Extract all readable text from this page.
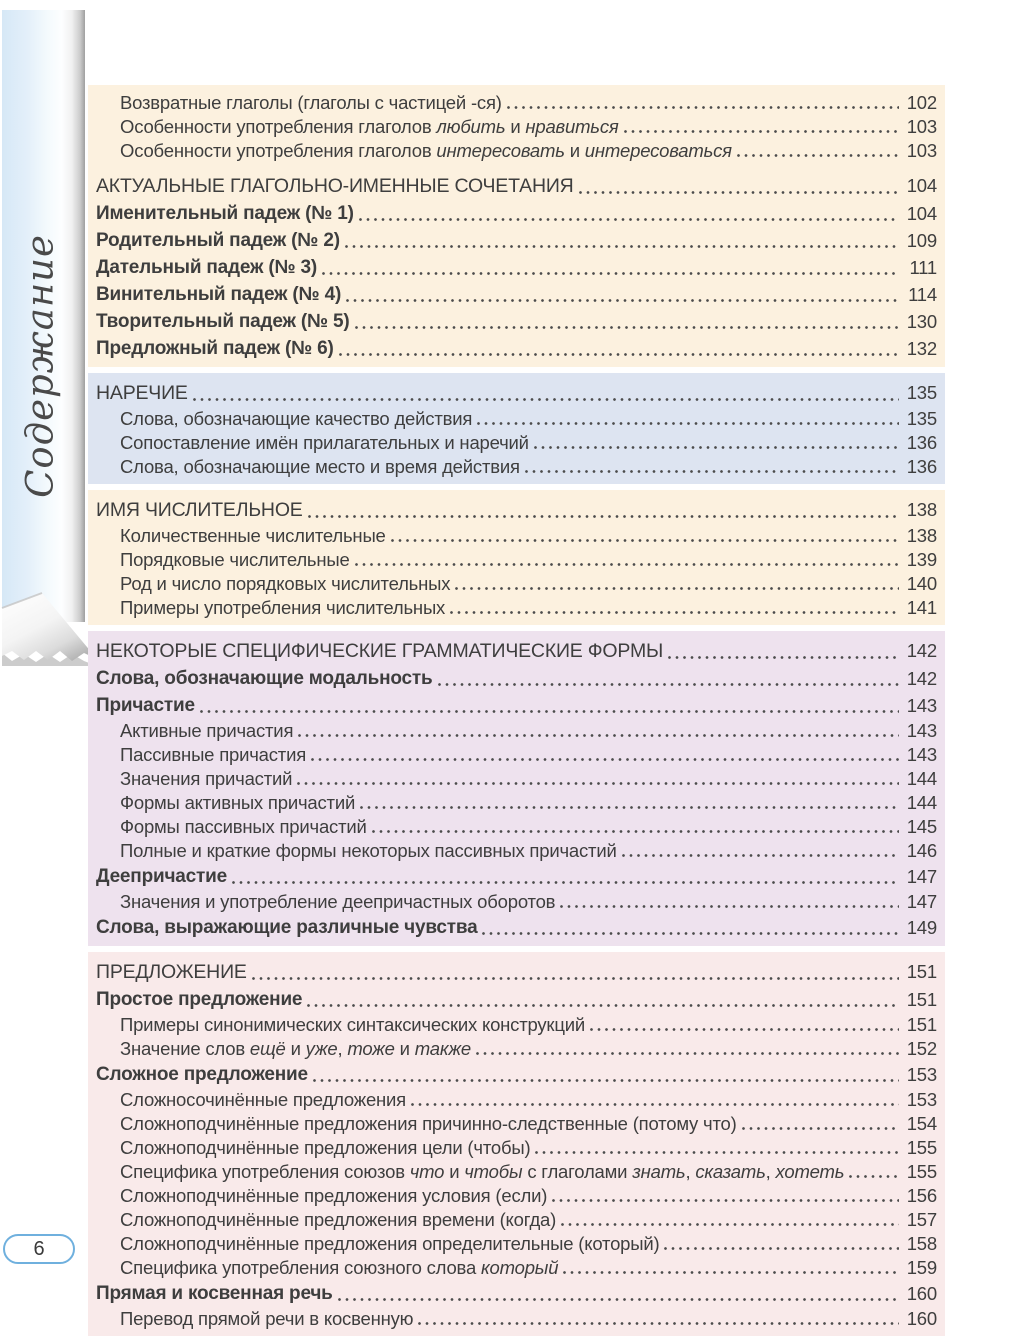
Содержание
6
Возвратные глаголы (глаголы с частицей -ся)	102
Особенности употребления глаголов любить и нравиться	103
Особенности употребления глаголов интересовать и интересоваться	103
АКТУАЛЬНЫЕ ГЛАГОЛЬНО-ИМЕННЫЕ СОЧЕТАНИЯ	104
Именительный падеж (№ 1)	104
Родительный падеж (№ 2)	109
Дательный падеж (№ 3)	111
Винительный падеж (№ 4)	114
Творительный падеж (№ 5)	130
Предложный падеж (№ 6)	132
НАРЕЧИЕ	135
Слова, обозначающие качество действия	135
Сопоставление имён прилагательных и наречий	136
Слова, обозначающие место и время действия	136
ИМЯ ЧИСЛИТЕЛЬНОЕ	138
Количественные числительные	138
Порядковые числительные	139
Род и число порядковых числительных	140
Примеры употребления числительных	141
НЕКОТОРЫЕ СПЕЦИФИЧЕСКИЕ ГРАММАТИЧЕСКИЕ ФОРМЫ	142
Слова, обозначающие модальность	142
Причастие	143
Активные причастия	143
Пассивные причастия	143
Значения причастий	144
Формы активных причастий	144
Формы пассивных причастий	145
Полные и краткие формы некоторых пассивных причастий	146
Деепричастие	147
Значения и употребление деепричастных оборотов	147
Слова, выражающие различные чувства	149
ПРЕДЛОЖЕНИЕ	151
Простое предложение	151
Примеры синонимических синтаксических конструкций	151
Значение слов ещё и уже, тоже и также	152
Сложное предложение	153
Сложносочинённые предложения	153
Сложноподчинённые предложения причинно-следственные (потому что)	154
Сложноподчинённые предложения цели (чтобы)	155
Специфика употребления союзов что и чтобы с глаголами знать, сказать, хотеть	155
Сложноподчинённые предложения условия (если)	156
Сложноподчинённые предложения времени (когда)	157
Сложноподчинённые предложения определительные (который)	158
Специфика употребления союзного слова который	159
Прямая и косвенная речь	160
Перевод прямой речи в косвенную	160
